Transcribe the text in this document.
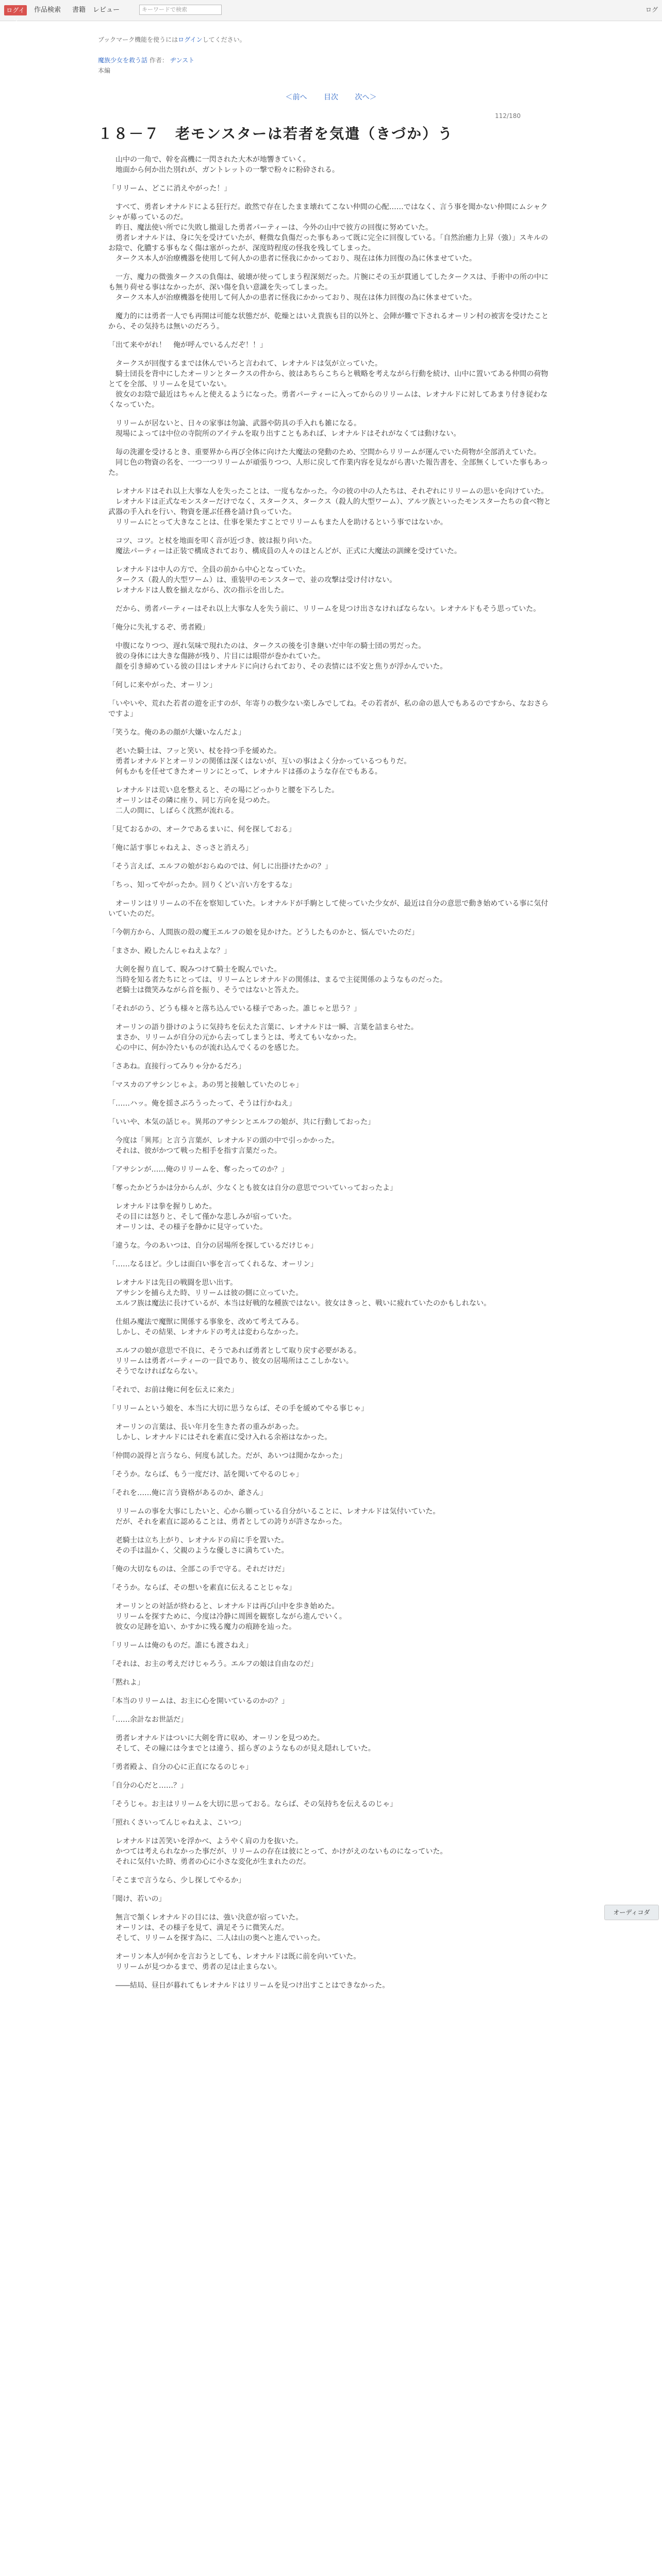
ログイン
作品検索 書籍 レビュー	キーワードで検索	ログ
ブックマーク機能を使うにはログインしてください。
魔族少女を救う話 作者： ヂンスト
本編
＜前へ 目次 次へ＞
112/180
１８－７　老モンスターは若者を気遣（きづか）う

　山中の一角で、幹を高機に一閃された大木が地響きていく。
　地面から何か出た別れが、ガントレットの一撃で粉々に粉砕される。

「リリーム、どこに消えやがった！」

　すべて、勇者レオナルドによる狂行だ。敢然で存在したまま壊れてこない仲間の心配……ではなく、言う事を聞かない仲間にムシャクシャが募っているのだ。
　昨日、魔法使い所でに失敗し撤退した勇者パーティーは、今外の山中で彼方の回復に努めていた。
　勇者レオナルドは、身に矢を受けていたが、軽微な負傷だった事もあって既に完全に回復している。「自然治癒力上昇（強）」スキルのお陰で、化膿する事もなく傷は塞がったが、深度時程度の怪我を残してしまった。
　タークス本人が治療機器を使用して何人かの患者に怪我にかかっており、現在は体力回復の為に休ませていた。

　一方、魔力の微強タークスの負傷は、破壊が使ってしまう程深刻だった。片腕にその玉が貫通してしたタークスは、手術中の所の中にも無り荷せる事はなかったが、深い傷を負い意識を失ってしまった。
　タークス本人が治療機器を使用して何人かの患者に怪我にかかっており、現在は体力回復の為に休ませていた。

　魔力的には勇者一人でも再開は可能な状態だが、乾燥とはいえ貴族も目的以外と、会陣が難で下されるオーリン村の被害を受けたことから、その気持ちは無いのだろう。

「出て来やがれ！　俺が呼んでいるんだぞ！！」

　タークスが回復するまでは休んでいろと言われて、レオナルドは気が立っていた。
　騎士団長を背中にしたオーリンとタークスの件から、彼はあちらこちらと戦略を考えながら行動を続け、山中に置いてある仲間の荷物とてを全部、リリームを見ていない。
　彼女のお陰で最近はちゃんと使えるようになった。勇者パーティーに入ってからのリリームは、レオナルドに対してあまり付き従わなくなっていた。

　リリームが居ないと、日々の家事は勿論、武器や防具の手入れも雑になる。
　現場によっては中位の寺院所のアイテムを取り出すこともあれば、レオナルドはそれがなくては動けない。

　毎の洗濯を受けるとき、重要界から再び全体に向けた大魔法の発動のため、空間からリリームが運んでいた荷物が全部消えていた。
　同じ色の物資の名を、一つ一つリリームが頑張りつつ、人形に戻して作業内容を見ながら書いた報告書を、全部無くしていた事もあった。

　レオナルドはそれ以上大事な人を失ったことは、一度もなかった。今の彼の中の人たちは、それぞれにリリームの思いを向けていた。
　レオナルドは正式なモンスターだけでなく、スタークス、タークス（殺人的大型ワーム）、アルツ族といったモンスターたちの食べ物と武器の手入れを行い、物資を運ぶ任務を請け負っていた。
　リリームにとって大きなことは、仕事を果たすことでリリームもまた人を助けるという事ではないか。

　コツ、コツ。と杖を地面を叩く音が近づき、彼は振り向いた。
　魔法パーティーは正装で構成されており、構成員の人々のほとんどが、正式に大魔法の訓練を受けていた。

　レオナルドは中人の方で、全員の前から中心となっていた。
　タークス（殺人的大型ワーム）は、重装甲のモンスターで、並の攻撃は受け付けない。
　レオナルドは人数を揃えながら、次の指示を出した。

　だから、勇者パーティーはそれ以上大事な人を失う前に、リリームを見つけ出さなければならない。レオナルドもそう思っていた。

「俺分に失礼するぞ、勇者殿」

　中腹になりつつ、遅れ気味で現れたのは、タークスの後を引き継いだ中年の騎士団の男だった。
　彼の身体には大きな傷跡が残り、片目には眼帯が巻かれていた。
　顔を引き締めている彼の目はレオナルドに向けられており、その表情には不安と焦りが浮かんでいた。

「何しに来やがった、オーリン」

「いやいや、荒れた若者の遊を正すのが、年寄りの数少ない楽しみでしてね。その若者が、私の命の恩人でもあるのですから、なおさらですよ」

「笑うな。俺のあの顔が大嫌いなんだよ」

　老いた騎士は、フッと笑い、杖を持つ手を緩めた。
　勇者レオナルドとオーリンの関係は深くはないが、互いの事はよく分かっているつもりだ。
　何もかもを任せてきたオーリンにとって、レオナルドは孫のような存在でもある。

　レオナルドは荒い息を整えると、その場にどっかりと腰を下ろした。
　オーリンはその隣に座り、同じ方向を見つめた。
　二人の間に、しばらく沈黙が流れる。

「見ておるかの、オークであるまいに、何を探しておる」

「俺に話す事じゃねえよ、さっさと消えろ」

「そう言えば、エルフの娘がおらぬのでは、何しに出掛けたかの？」

「ちっ、知ってやがったか。回りくどい言い方をするな」

　オーリンはリリームの不在を察知していた。レオナルドが手駒として使っていた少女が、最近は自分の意思で動き始めている事に気付いていたのだ。

「今朝方から、人間族の殻の魔王エルフの娘を見かけた。どうしたものかと、悩んでいたのだ」

「まさか、殿したんじゃねえよな？」

　大剣を握り直して、睨みつけて騎士を睨んでいた。
　当時を知る者たちにとっては、リリームとレオナルドの関係は、まるで主従関係のようなものだった。
　老騎士は微笑みながら首を振り、そうではないと答えた。

「それがのう、どうも様々と落ち込んでいる様子であった。誰じゃと思う？」

　オーリンの語り掛けのように気持ちを伝えた言葉に、レオナルドは一瞬、言葉を詰まらせた。
　まさか、リリームが自分の元から去ってしまうとは、考えてもいなかった。
　心の中に、何か冷たいものが流れ込んでくるのを感じた。

「さあね。直接行ってみりゃ分かるだろ」

「マスカのアサシンじゃよ。あの男と接触していたのじゃ」

「……ハッ。俺を揺さぶろうったって、そうは行かねえ」

「いいや、本気の話じゃ。異邦のアサシンとエルフの娘が、共に行動しておった」

　今度は「異邦」と言う言葉が、レオナルドの頭の中で引っかかった。
　それは、彼がかつて戦った相手を指す言葉だった。

「アサシンが……俺のリリームを、奪ったってのか？」

「奪ったかどうかは分からんが、少なくとも彼女は自分の意思でついていっておったよ」

　レオナルドは拳を握りしめた。
　その目には怒りと、そして僅かな悲しみが宿っていた。
　オーリンは、その様子を静かに見守っていた。

「違うな。今のあいつは、自分の居場所を探しているだけじゃ」

「……なるほど。少しは面白い事を言ってくれるな、オーリン」

　レオナルドは先日の戦闘を思い出す。
　アサシンを捕らえた時、リリームは彼の側に立っていた。
　エルフ族は魔法に長けているが、本当は好戦的な種族ではない。彼女はきっと、戦いに疲れていたのかもしれない。

　仕組み魔法で魔獣に関係する事象を、改めて考えてみる。
　しかし、その結果、レオナルドの考えは変わらなかった。

　エルフの娘が意思で不良に、そうであれば勇者として取り戻す必要がある。
　リリームは勇者パーティーの一員であり、彼女の居場所はここしかない。
　そうでなければならない。

「それで、お前は俺に何を伝えに来た」

「リリームという娘を、本当に大切に思うならば、その手を緩めてやる事じゃ」

　オーリンの言葉は、長い年月を生きた者の重みがあった。
　しかし、レオナルドにはそれを素直に受け入れる余裕はなかった。

「仲間の説得と言うなら、何度も試した。だが、あいつは聞かなかった」

「そうか。ならば、もう一度だけ、話を聞いてやるのじゃ」

「それを……俺に言う資格があるのか、爺さん」

　リリームの事を大事にしたいと、心から願っている自分がいることに、レオナルドは気付いていた。
　だが、それを素直に認めることは、勇者としての誇りが許さなかった。

　老騎士は立ち上がり、レオナルドの肩に手を置いた。
　その手は温かく、父親のような優しさに満ちていた。

「俺の大切なものは、全部この手で守る。それだけだ」

「そうか。ならば、その想いを素直に伝えることじゃな」

　オーリンとの対話が終わると、レオナルドは再び山中を歩き始めた。
　リリームを探すために、今度は冷静に周囲を観察しながら進んでいく。
　彼女の足跡を追い、かすかに残る魔力の痕跡を辿った。

「リリームは俺のものだ。誰にも渡さねえ」

「それは、お主の考えだけじゃろう。エルフの娘は自由なのだ」

「黙れよ」

「本当のリリームは、お主に心を開いているのかの？」

「……余計なお世話だ」

　勇者レオナルドはついに大剣を背に収め、オーリンを見つめた。
　そして、その瞳には今までとは違う、揺らぎのようなものが見え隠れしていた。

「勇者殿よ、自分の心に正直になるのじゃ」

「自分の心だと……？」

「そうじゃ。お主はリリームを大切に思っておる。ならば、その気持ちを伝えるのじゃ」

「照れくさいってんじゃねえよ、こいつ」

　レオナルドは苦笑いを浮かべ、ようやく肩の力を抜いた。
　かつては考えられなかった事だが、リリームの存在は彼にとって、かけがえのないものになっていた。
　それに気付いた時、勇者の心に小さな変化が生まれたのだ。

「そこまで言うなら、少し探してやるか」

「聞け、若いの」

　無言で頷くレオナルドの目には、強い決意が宿っていた。
　オーリンは、その様子を見て、満足そうに微笑んだ。
　そして、リリームを探す為に、二人は山の奥へと進んでいった。

　オーリン本人が何かを言おうとしても、レオナルドは既に前を向いていた。
　リリームが見つかるまで、勇者の足は止まらない。

　――結局、昼日が暮れてもレオナルドはリリームを見つけ出すことはできなかった。

オーディコダ
